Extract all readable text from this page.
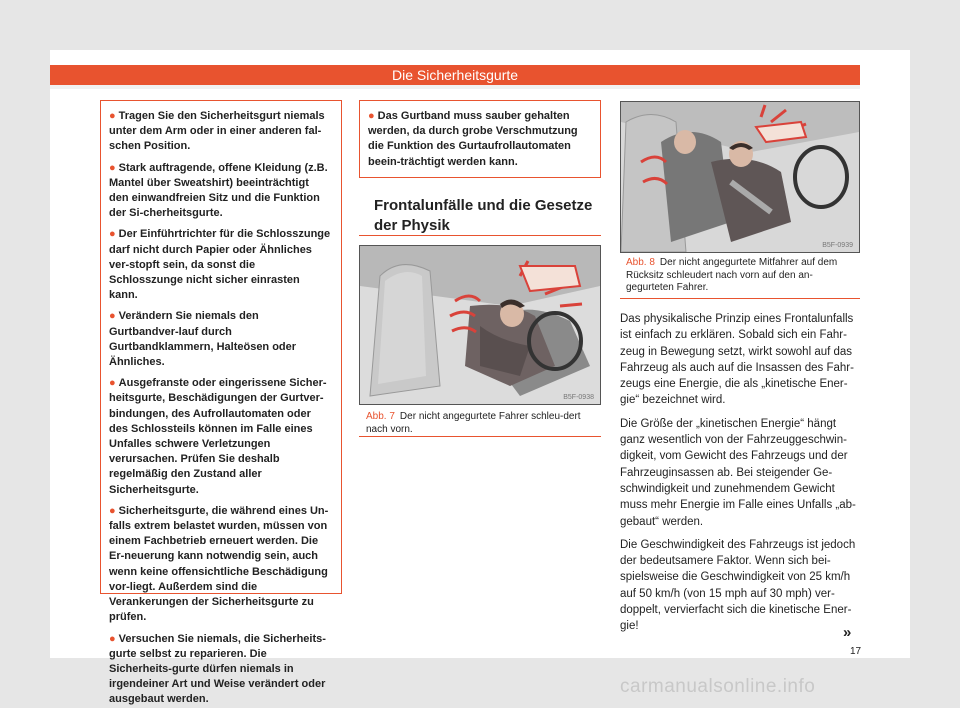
Die Sicherheitsgurte
● Tragen Sie den Sicherheitsgurt niemals unter dem Arm oder in einer anderen fal-schen Position.
● Stark auftragende, offene Kleidung (z.B. Mantel über Sweatshirt) beeinträchtigt den einwandfreien Sitz und die Funktion der Si-cherheitsgurte.
● Der Einführtrichter für die Schlosszunge darf nicht durch Papier oder Ähnliches ver-stopft sein, da sonst die Schlosszunge nicht sicher einrasten kann.
● Verändern Sie niemals den Gurtbandver-lauf durch Gurtbandklammern, Halteösen oder Ähnliches.
● Ausgefranste oder eingerissene Sicher-heitsgurte, Beschädigungen der Gurtver-bindungen, des Aufrollautomaten oder des Schlossteils können im Falle eines Unfalles schwere Verletzungen verursachen. Prüfen Sie deshalb regelmäßig den Zustand aller Sicherheitsgurte.
● Sicherheitsgurte, die während eines Un-falls extrem belastet wurden, müssen von einem Fachbetrieb erneuert werden. Die Er-neuerung kann notwendig sein, auch wenn keine offensichtliche Beschädigung vor-liegt. Außerdem sind die Verankerungen der Sicherheitsgurte zu prüfen.
● Versuchen Sie niemals, die Sicherheits-gurte selbst zu reparieren. Die Sicherheits-gurte dürfen niemals in irgendeiner Art und Weise verändert oder ausgebaut werden.
● Das Gurtband muss sauber gehalten werden, da durch grobe Verschmutzung die Funktion des Gurtaufrollautomaten beein-trächtigt werden kann.
Frontalunfälle und die Gesetze der Physik
B5F-0938
Abb. 7 Der nicht angegurtete Fahrer schleu-dert nach vorn.
B5F-0939
Abb. 8 Der nicht angegurtete Mitfahrer auf dem Rücksitz schleudert nach vorn auf den an-gegurteten Fahrer.

Das physikalische Prinzip eines Frontalunfalls ist einfach zu erklären. Sobald sich ein Fahr-zeug in Bewegung setzt, wirkt sowohl auf das Fahrzeug als auch auf die Insassen des Fahr-zeugs eine Energie, die als „kinetische Ener-gie“ bezeichnet wird.

Die Größe der „kinetischen Energie“ hängt ganz wesentlich von der Fahrzeuggeschwin-digkeit, vom Gewicht des Fahrzeugs und der Fahrzeuginsassen ab. Bei steigender Ge-schwindigkeit und zunehmendem Gewicht muss mehr Energie im Falle eines Unfalls „ab-gebaut“ werden.

Die Geschwindigkeit des Fahrzeugs ist jedoch der bedeutsamere Faktor. Wenn sich bei-spielsweise die Geschwindigkeit von 25 km/h auf 50 km/h (von 15 mph auf 30 mph) ver-doppelt, vervierfacht sich die kinetische Ener-gie!	»
17
carmanualsonline.info
